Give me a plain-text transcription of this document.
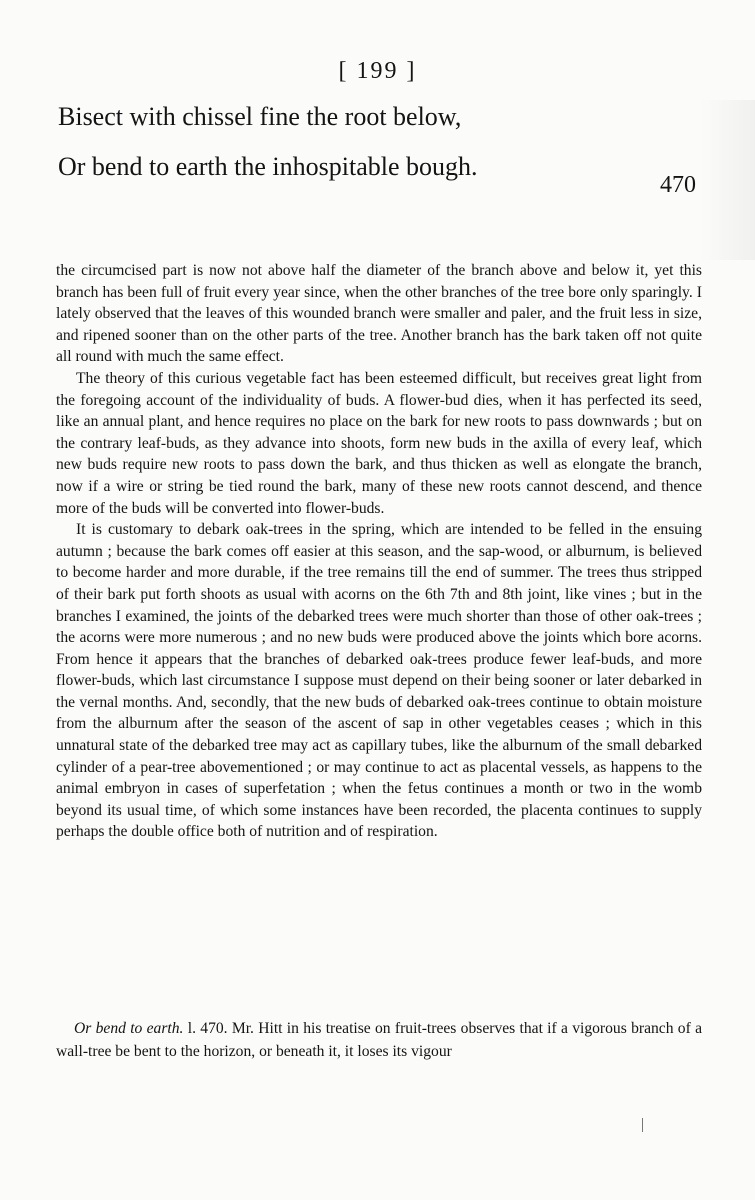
[ 199 ]
Bisect with chissel fine the root below,
Or bend to earth the inhospitable bough.
470

the circumcised part is now not above half the diameter of the branch above and below it, yet this branch has been full of fruit every year since, when the other branches of the tree bore only sparingly. I lately observed that the leaves of this wounded branch were smaller and paler, and the fruit less in size, and ripened sooner than on the other parts of the tree. Another branch has the bark taken off not quite all round with much the same effect.

The theory of this curious vegetable fact has been esteemed difficult, but receives great light from the foregoing account of the individuality of buds. A flower-bud dies, when it has perfected its seed, like an annual plant, and hence requires no place on the bark for new roots to pass downwards ; but on the contrary leaf-buds, as they advance into shoots, form new buds in the axilla of every leaf, which new buds require new roots to pass down the bark, and thus thicken as well as elongate the branch, now if a wire or string be tied round the bark, many of these new roots cannot descend, and thence more of the buds will be converted into flower-buds.

It is customary to debark oak-trees in the spring, which are intended to be felled in the ensuing autumn ; because the bark comes off easier at this season, and the sap-wood, or alburnum, is believed to become harder and more durable, if the tree remains till the end of summer. The trees thus stripped of their bark put forth shoots as usual with acorns on the 6th 7th and 8th joint, like vines ; but in the branches I examined, the joints of the debarked trees were much shorter than those of other oak-trees ; the acorns were more numerous ; and no new buds were produced above the joints which bore acorns. From hence it appears that the branches of debarked oak-trees produce fewer leaf-buds, and more flower-buds, which last circumstance I suppose must depend on their being sooner or later debarked in the vernal months. And, secondly, that the new buds of debarked oak-trees continue to obtain moisture from the alburnum after the season of the ascent of sap in other vegetables ceases ; which in this unnatural state of the debarked tree may act as capillary tubes, like the alburnum of the small debarked cylinder of a pear-tree abovementioned ; or may continue to act as placental vessels, as happens to the animal embryon in cases of superfetation ; when the fetus continues a month or two in the womb beyond its usual time, of which some instances have been recorded, the placenta continues to supply perhaps the double office both of nutrition and of respiration.

Or bend to earth. l. 470. Mr. Hitt in his treatise on fruit-trees observes that if a vigorous branch of a wall-tree be bent to the horizon, or beneath it, it loses its vigour
